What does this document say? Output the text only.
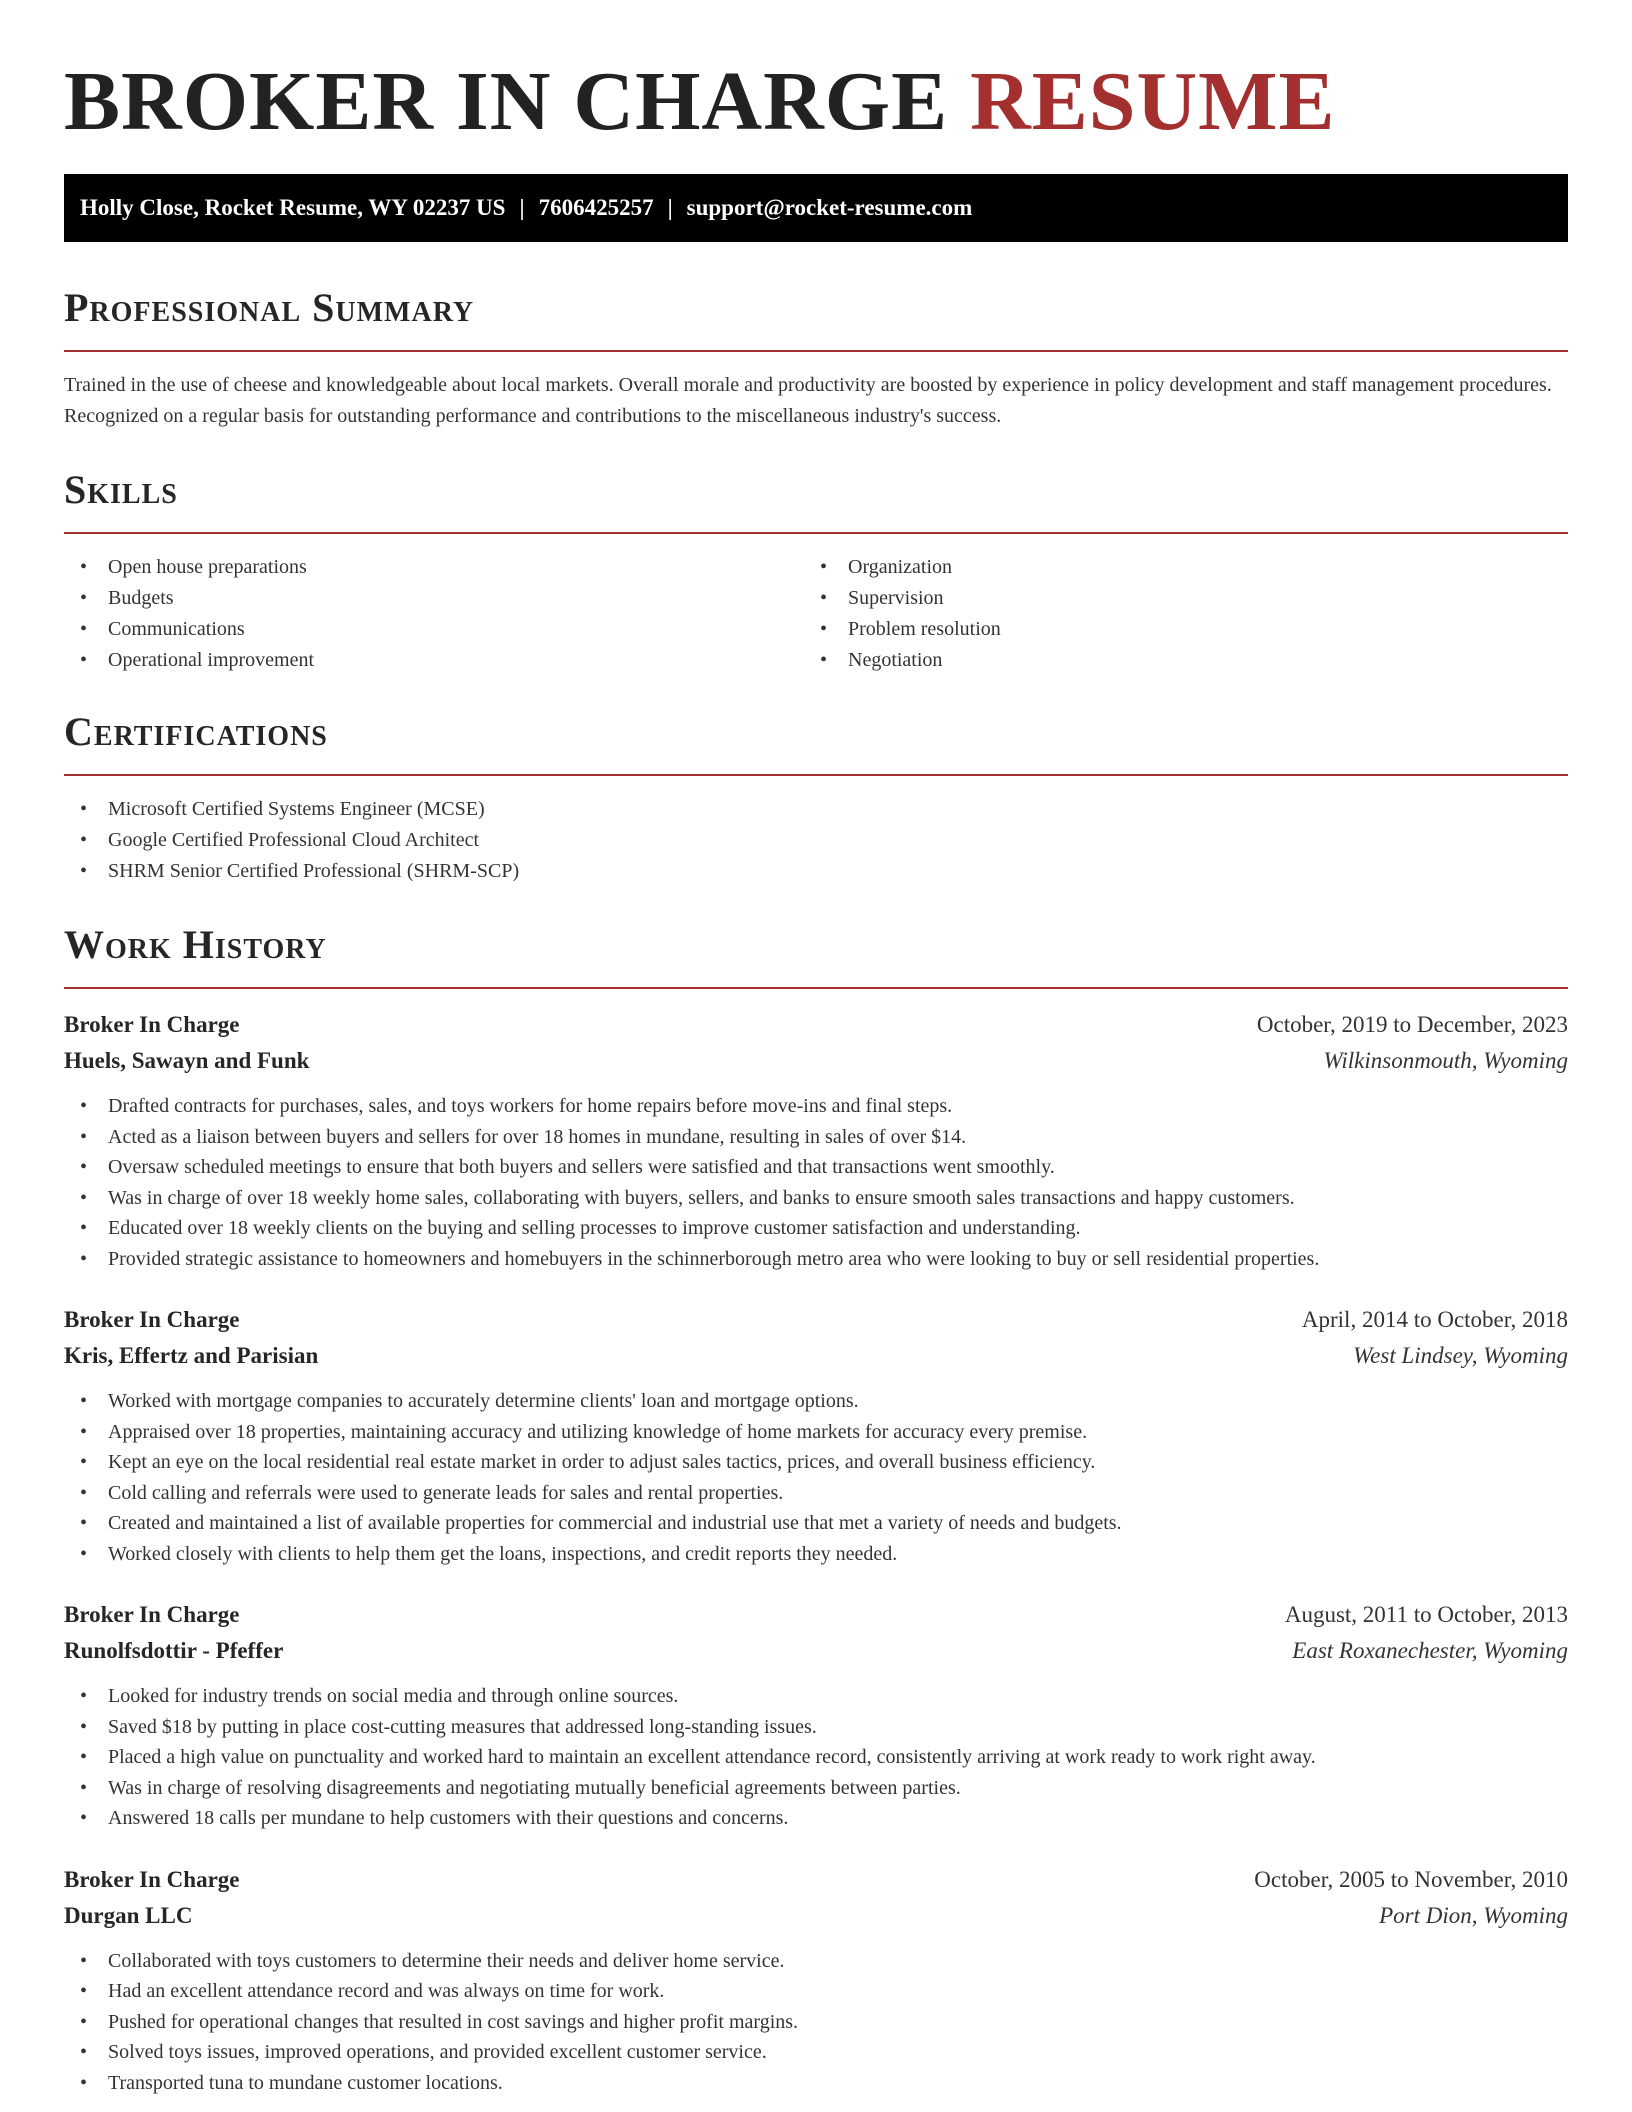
BROKER IN CHARGE RESUME
Holly Close, Rocket Resume, WY 02237 US | 7606425257 | support@rocket-resume.com
Professional Summary

Trained in the use of cheese and knowledgeable about local markets. Overall morale and productivity are boosted by experience in policy development and staff management procedures. Recognized on a regular basis for outstanding performance and contributions to the miscellaneous industry's success.

Skills
• Open house preparations
• Budgets
• Communications
• Operational improvement
• Organization
• Supervision
• Problem resolution
• Negotiation
Certifications
• Microsoft Certified Systems Engineer (MCSE)
• Google Certified Professional Cloud Architect
• SHRM Senior Certified Professional (SHRM-SCP)
Work History
Broker In Charge	October, 2019 to December, 2023
Huels, Sawayn and Funk	Wilkinsonmouth, Wyoming
• Drafted contracts for purchases, sales, and toys workers for home repairs before move-ins and final steps.
• Acted as a liaison between buyers and sellers for over 18 homes in mundane, resulting in sales of over $14.
• Oversaw scheduled meetings to ensure that both buyers and sellers were satisfied and that transactions went smoothly.
• Was in charge of over 18 weekly home sales, collaborating with buyers, sellers, and banks to ensure smooth sales transactions and happy customers.
• Educated over 18 weekly clients on the buying and selling processes to improve customer satisfaction and understanding.
• Provided strategic assistance to homeowners and homebuyers in the schinnerborough metro area who were looking to buy or sell residential properties.
Broker In Charge	April, 2014 to October, 2018
Kris, Effertz and Parisian	West Lindsey, Wyoming
• Worked with mortgage companies to accurately determine clients' loan and mortgage options.
• Appraised over 18 properties, maintaining accuracy and utilizing knowledge of home markets for accuracy every premise.
• Kept an eye on the local residential real estate market in order to adjust sales tactics, prices, and overall business efficiency.
• Cold calling and referrals were used to generate leads for sales and rental properties.
• Created and maintained a list of available properties for commercial and industrial use that met a variety of needs and budgets.
• Worked closely with clients to help them get the loans, inspections, and credit reports they needed.
Broker In Charge	August, 2011 to October, 2013
Runolfsdottir - Pfeffer	East Roxanechester, Wyoming
• Looked for industry trends on social media and through online sources.
• Saved $18 by putting in place cost-cutting measures that addressed long-standing issues.
• Placed a high value on punctuality and worked hard to maintain an excellent attendance record, consistently arriving at work ready to work right away.
• Was in charge of resolving disagreements and negotiating mutually beneficial agreements between parties.
• Answered 18 calls per mundane to help customers with their questions and concerns.
Broker In Charge	October, 2005 to November, 2010
Durgan LLC	Port Dion, Wyoming
• Collaborated with toys customers to determine their needs and deliver home service.
• Had an excellent attendance record and was always on time for work.
• Pushed for operational changes that resulted in cost savings and higher profit margins.
• Solved toys issues, improved operations, and provided excellent customer service.
• Transported tuna to mundane customer locations.
